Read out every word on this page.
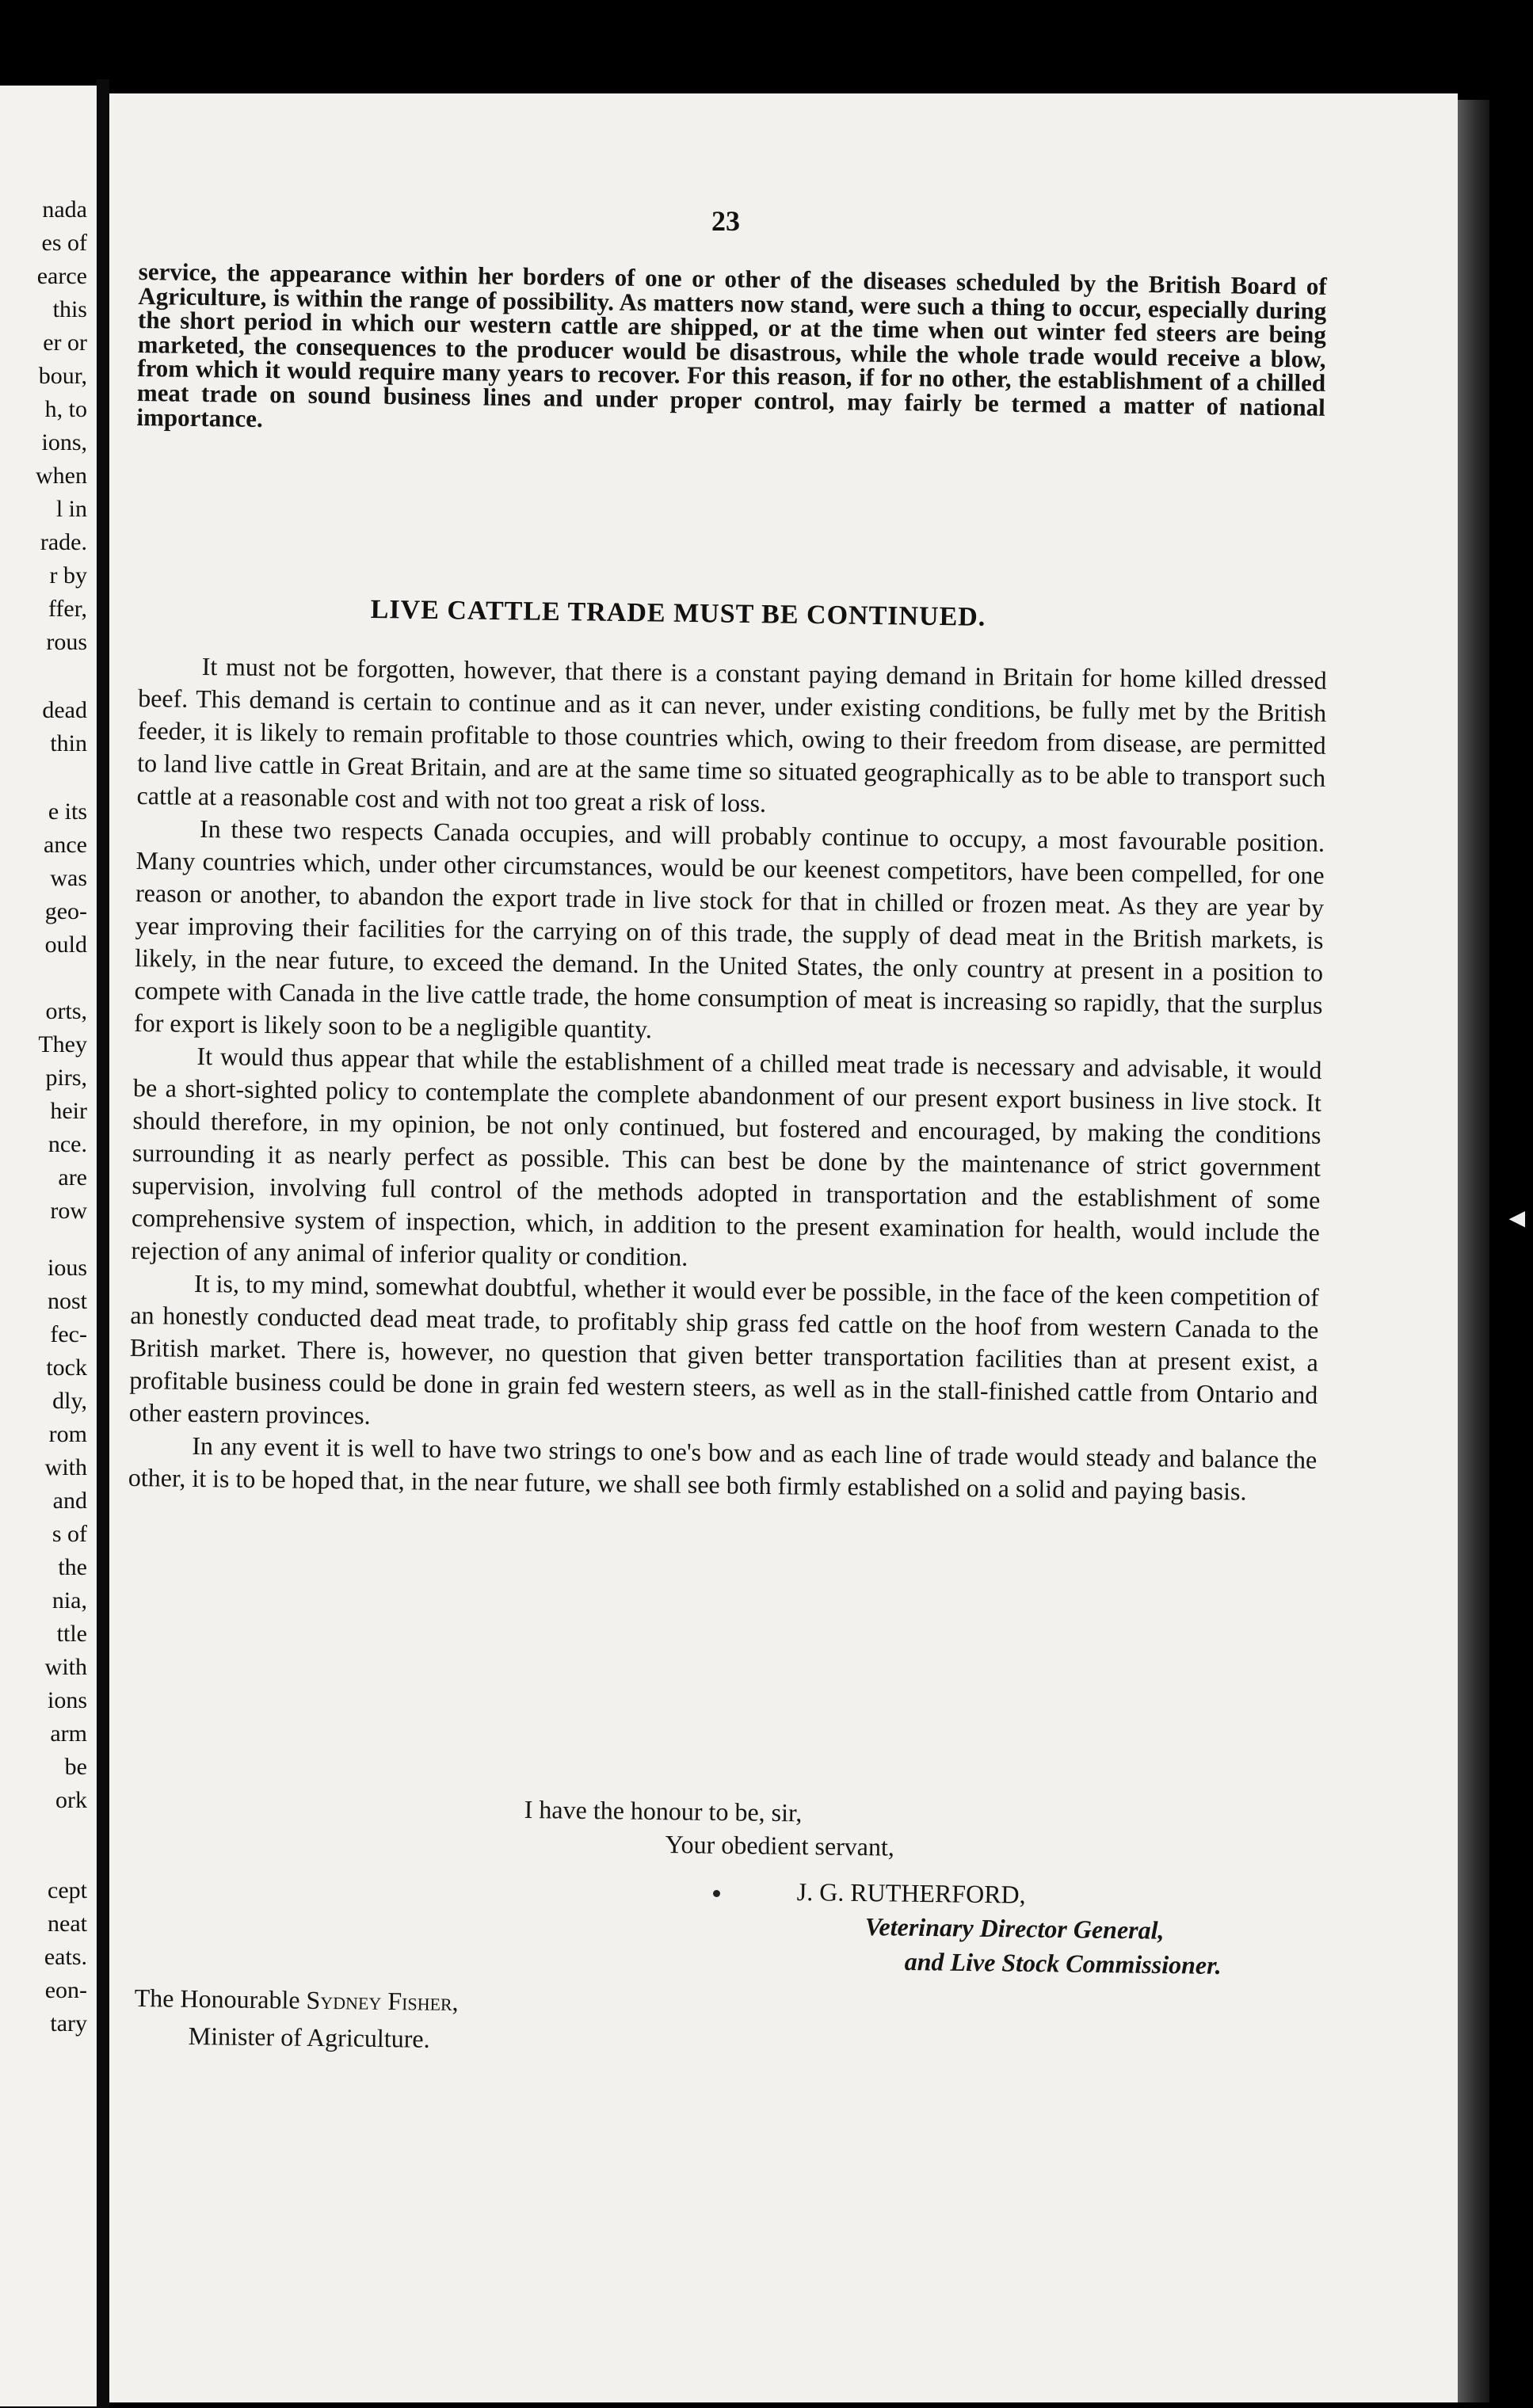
nada
es of
earce
this
er or
bour,
h, to
ions,
when
l in
rade.
r by
ffer,
rous
dead
thin
e its
ance
was
geo-
ould
orts,
They
pirs,
heir
nce.
are
row
ious
nost
fec-
tock
dly,
rom
with
and
s of
the
nia,
ttle
with
ions
arm
be
ork
cept
neat
eats.
eon-
tary
23

service, the appearance within her borders of one or other of the diseases scheduled by the British Board of Agriculture, is within the range of possibility. As matters now stand, were such a thing to occur, especially during the short period in which our western cattle are shipped, or at the time when out winter fed steers are being marketed, the consequences to the producer would be disastrous, while the whole trade would receive a blow, from which it would require many years to recover. For this reason, if for no other, the establishment of a chilled meat trade on sound business lines and under proper control, may fairly be termed a matter of national importance.

LIVE CATTLE TRADE MUST BE CONTINUED.

It must not be forgotten, however, that there is a constant paying demand in Britain for home killed dressed beef. This demand is certain to continue and as it can never, under existing conditions, be fully met by the British feeder, it is likely to remain profitable to those countries which, owing to their freedom from disease, are permitted to land live cattle in Great Britain, and are at the same time so situated geographically as to be able to transport such cattle at a reasonable cost and with not too great a risk of loss.

In these two respects Canada occupies, and will probably continue to occupy, a most favourable position. Many countries which, under other circumstances, would be our keenest competitors, have been compelled, for one reason or another, to abandon the export trade in live stock for that in chilled or frozen meat. As they are year by year improving their facilities for the carrying on of this trade, the supply of dead meat in the British markets, is likely, in the near future, to exceed the demand. In the United States, the only country at present in a position to compete with Canada in the live cattle trade, the home consumption of meat is increasing so rapidly, that the surplus for export is likely soon to be a negligible quantity.

It would thus appear that while the establishment of a chilled meat trade is necessary and advisable, it would be a short-sighted policy to contemplate the complete abandonment of our present export business in live stock. It should therefore, in my opinion, be not only continued, but fostered and encouraged, by making the conditions surrounding it as nearly perfect as possible. This can best be done by the maintenance of strict government supervision, involving full control of the methods adopted in transportation and the establishment of some comprehensive system of inspection, which, in addition to the present examination for health, would include the rejection of any animal of inferior quality or condition.

It is, to my mind, somewhat doubtful, whether it would ever be possible, in the face of the keen competition of an honestly conducted dead meat trade, to profitably ship grass fed cattle on the hoof from western Canada to the British market. There is, however, no question that given better transportation facilities than at present exist, a profitable business could be done in grain fed western steers, as well as in the stall-finished cattle from Ontario and other eastern provinces.

In any event it is well to have two strings to one's bow and as each line of trade would steady and balance the other, it is to be hoped that, in the near future, we shall see both firmly established on a solid and paying basis.

I have the honour to be, sir,
Your obedient servant,
J. G. RUTHERFORD,
Veterinary Director General,
and Live Stock Commissioner.
The Honourable Sydney Fisher,
Minister of Agriculture.
◄
